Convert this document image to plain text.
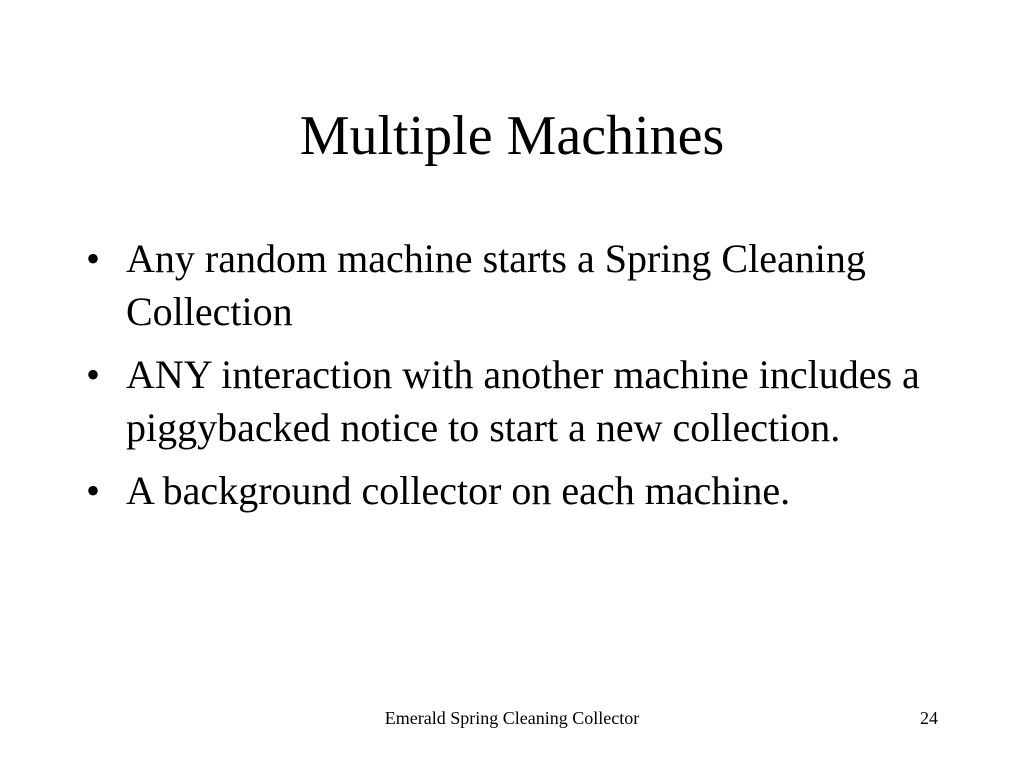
Multiple Machines
• Any random machine starts a Spring Cleaning Collection
• ANY interaction with another machine includes a piggybacked notice to start a new collection.
• A background collector on each machine.
Emerald Spring Cleaning Collector	24
